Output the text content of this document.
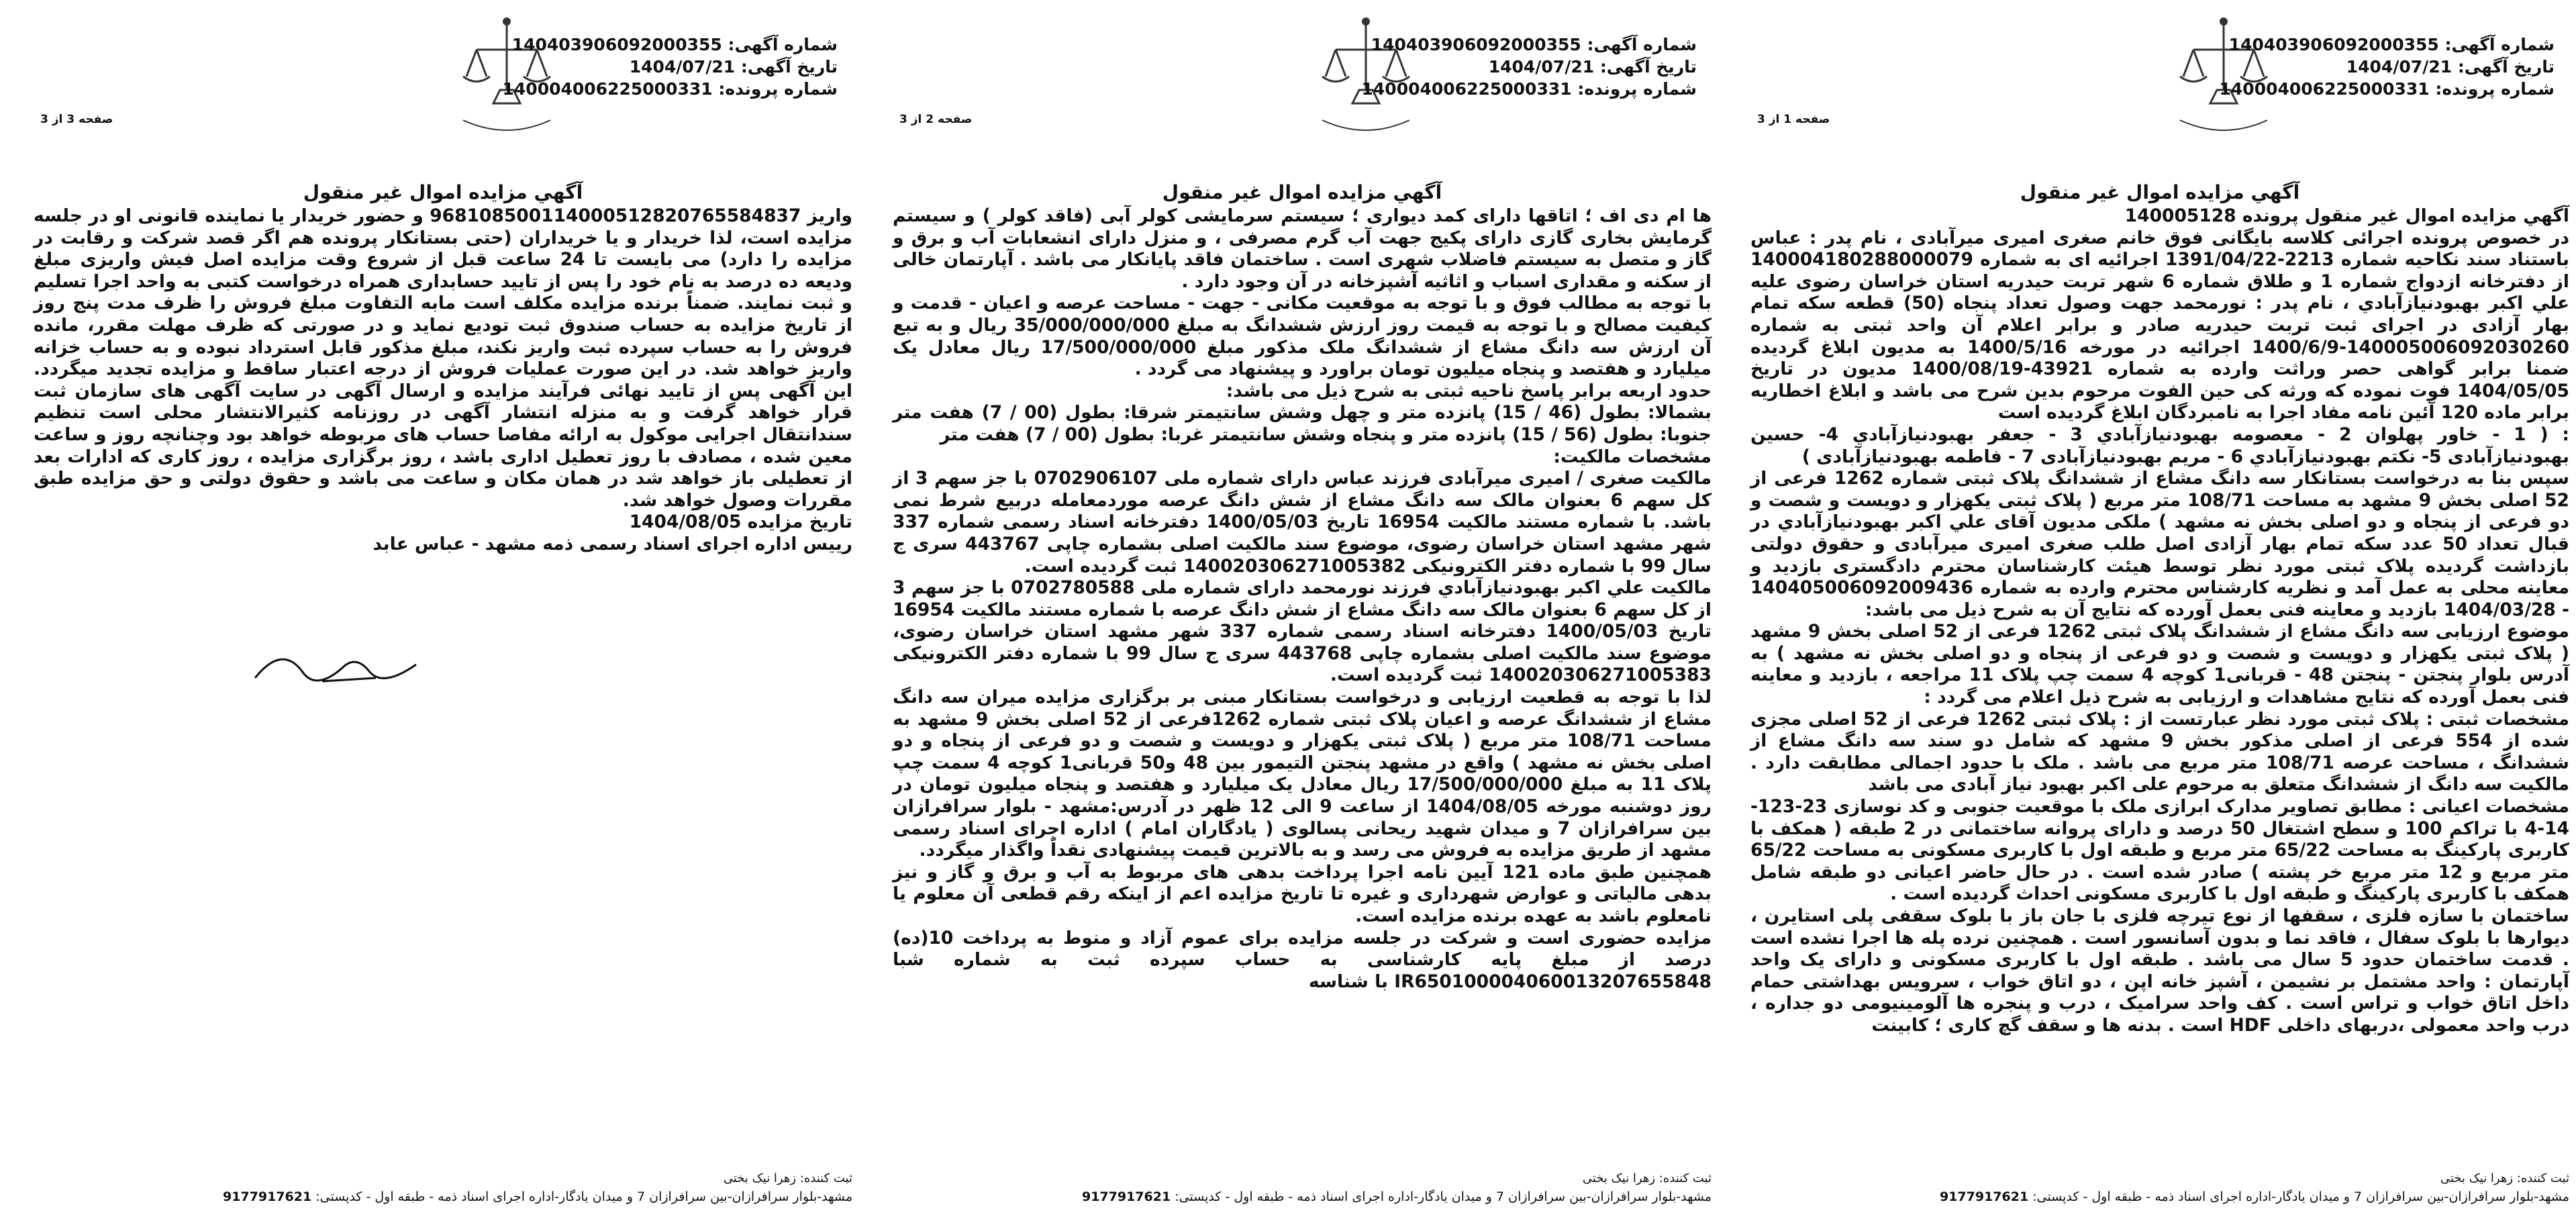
صفحه 3 از 3
شماره آگهی: 140403906092000355
تاریخ آگهی: 1404/07/21
شماره پرونده: 140004006225000331
آگهي مزايده اموال غير منقول

واریز 968108500114000512820765584837 و حضور خریدار یا نماینده قانونی او در جلسه مزایده است، لذا خریدار و یا خریداران (حتی بستانکار پرونده هم اگر قصد شرکت و رقابت در مزایده را دارد) می بایست تا 24 ساعت قبل از شروع وقت مزایده اصل فیش واریزی مبلغ ودیعه ده درصد به نام خود را پس از تایید حسابداری همراه درخواست کتبی به واحد اجرا تسلیم و ثبت نمایند. ضمناً برنده مزایده مکلف است مابه التفاوت مبلغ فروش را ظرف مدت پنج روز از تاریخ مزایده به حساب صندوق ثبت تودیع نماید و در صورتی که ظرف مهلت مقرر، مانده فروش را به حساب سپرده ثبت واریز نکند، مبلغ مذکور قابل استرداد نبوده و به حساب خزانه واریز خواهد شد. در این صورت عملیات فروش از درجه اعتبار ساقط و مزایده تجدید میگردد. این آگهی پس از تایید نهائی فرآیند مزایده و ارسال آگهی در سایت آگهی های سازمان ثبت قرار خواهد گرفت و به منزله انتشار آگهی در روزنامه کثیرالانتشار محلی است تنظیم سندانتقال اجرایی موکول به ارائه مفاصا حساب های مربوطه خواهد بود وچنانچه روز و ساعت معین شده ، مصادف با روز تعطیل اداری باشد ، روز برگزاری مزایده ، روز کاری که ادارات بعد از تعطیلی باز خواهد شد در همان مکان و ساعت می باشد و حقوق دولتی و حق مزایده طبق مقررات وصول خواهد شد.

تاریخ مزایده 1404/08/05

رییس اداره اجرای اسناد رسمی ذمه مشهد - عباس عابد

ثبت کننده: زهرا نیک بختی
مشهد-بلوار سرافرازان-بین سرافرازان 7 و میدان یادگار-اداره اجرای اسناد ذمه - طبقه اول - کدپستی: 9177917621
صفحه 2 از 3
شماره آگهی: 140403906092000355
تاریخ آگهی: 1404/07/21
شماره پرونده: 140004006225000331
آگهي مزايده اموال غير منقول

ها ام دی اف ؛ اتاقها دارای کمد دیواری ؛ سیستم سرمایشی کولر آبی (فاقد کولر ) و سیستم گرمایش بخاری گازی دارای پکیج جهت آب گرم مصرفی ، و منزل دارای انشعابات آب و برق و گاز و متصل به سیستم فاضلاب شهری است . ساختمان فاقد پایانکار می باشد . آپارتمان خالی از سکنه و مقداری اسباب و اثاثیه آشپزخانه در آن وجود دارد .

با توجه به مطالب فوق و با توجه به موقعیت مکانی - جهت - مساحت عرصه و اعیان - قدمت و کیفیت مصالح و با توجه به قیمت روز ارزش ششدانگ به مبلغ 35/000/000/000 ریال و به تبع آن ارزش سه دانگ مشاع از ششدانگ ملک مذکور مبلغ 17/500/000/000 ریال معادل یک میلیارد و هفتصد و پنجاه میلیون تومان براورد و پیشنهاد می گردد .

حدود اربعه برابر پاسخ ناحیه ثبتی به شرح ذیل می باشد:

بشمالا: بطول (46 / 15) پانزده متر و چهل وشش سانتیمتر شرقا: بطول (00 / 7) هفت متر جنوبا: بطول (56 / 15) پانزده متر و پنجاه وشش سانتیمتر غربا: بطول (00 / 7) هفت متر

مشخصات مالکیت:

مالکیت صغری / امیری میرآبادی فرزند عباس دارای شماره ملی 0702906107 با جز سهم 3 از کل سهم 6 بعنوان مالک سه دانگ مشاع از شش دانگ عرصه موردمعامله دربیع شرط نمی باشد. با شماره مستند مالکیت 16954 تاریخ 1400/05/03 دفترخانه اسناد رسمی شماره 337 شهر مشهد استان خراسان رضوی، موضوع سند مالکیت اصلی بشماره چاپی 443767 سری ج سال 99 با شماره دفتر الکترونیکی 140020306271005382 ثبت گردیده است.

مالکیت علي اكبر بهبودنيازآبادي فرزند نورمحمد دارای شماره ملی 0702780588 با جز سهم 3 از کل سهم 6 بعنوان مالک سه دانگ مشاع از شش دانگ عرصه با شماره مستند مالکیت 16954 تاریخ 1400/05/03 دفترخانه اسناد رسمی شماره 337 شهر مشهد استان خراسان رضوی، موضوع سند مالکیت اصلی بشماره چاپی 443768 سری ج سال 99 با شماره دفتر الکترونیکی 140020306271005383 ثبت گردیده است.

لذا با توجه به قطعیت ارزیابی و درخواست بستانکار مبنی بر برگزاری مزایده میران سه دانگ مشاع از ششدانگ عرصه و اعیان پلاک ثبتی شماره 1262فرعی از 52 اصلی بخش 9 مشهد به مساحت 108/71 متر مربع ( پلاک ثبتی یکهزار و دویست و شصت و دو فرعی از پنجاه و دو اصلی بخش نه مشهد ) واقع در مشهد پنجتن التیمور بین 48 و50 قربانی1 کوچه 4 سمت چپ پلاک 11 به مبلغ 17/500/000/000 ریال معادل یک میلیارد و هفتصد و پنجاه میلیون تومان در روز دوشنبه مورخه 1404/08/05 از ساعت 9 الی 12 ظهر در آدرس:مشهد - بلوار سرافرازان بین سرافرازان 7 و میدان شهید ریحانی پسالوی ( یادگاران امام ) اداره اجرای اسناد رسمی مشهد از طریق مزایده به فروش می رسد و به بالاترین قیمت پیشنهادی نقداً واگذار میگردد.

همچنین طبق ماده 121 آیین نامه اجرا پرداخت بدهی های مربوط به آب و برق و گاز و نیز بدهی مالیاتی و عوارض شهرداری و غیره تا تاریخ مزایده اعم از اینکه رقم قطعی آن معلوم یا نامعلوم باشد به عهده برنده مزایده است.

مزایده حضوری است و شرکت در جلسه مزایده برای عموم آزاد و منوط به پرداخت 10(ده) درصد از مبلغ پایه کارشناسی به حساب سپرده ثبت به شماره شبا IR650100004060013207655848 با شناسه

ثبت کننده: زهرا نیک بختی
مشهد-بلوار سرافرازان-بین سرافرازان 7 و میدان یادگار-اداره اجرای اسناد ذمه - طبقه اول - کدپستی: 9177917621
صفحه 1 از 3
شماره آگهی: 140403906092000355
تاریخ آگهی: 1404/07/21
شماره پرونده: 140004006225000331
آگهي مزايده اموال غير منقول

آگهي مزايده اموال غير منقول پرونده 140005128

در خصوص پرونده اجرائی کلاسه بایگانی فوق خانم صغری امیری میرآبادی ، نام پدر : عباس باستناد سند نکاحیه شماره 2213-1391/04/22 اجرائیه ای به شماره 140004180288000079 از دفترخانه ازدواج شماره 1 و طلاق شماره 6 شهر تربت حیدریه استان خراسان رضوی علیه علي اكبر بهبودنيازآبادي ، نام پدر : نورمحمد جهت وصول تعداد پنجاه (50) قطعه سکه تمام بهار آزادی در اجرای ثبت تربت حیدریه صادر و برابر اعلام آن واحد ثبتی به شماره 140005006092030260-1400/6/9 اجرائیه در مورخه 1400/5/16 به مدیون ابلاغ گردیده ضمنا برابر گواهی حصر وراثت وارده به شماره 43921-1400/08/19 مدیون در تاریخ 1404/05/05 فوت نموده که ورثه کی حین الفوت مرحوم بدین شرح می باشد و ابلاغ اخطاریه برابر ماده 120 آئین نامه مفاد اجرا به نامبردگان ابلاغ گردیده است

: ( 1 - خاور پهلوان 2 - معصومه بهبودنيازآبادي 3 - جعفر بهبودنيازآبادي 4- حسین بهبودنیازآبادی 5- نکتم بهبودنيازآبادي 6 - مریم بهبودنیازآبادی 7 - فاطمه بهبودنیازآبادی )

سپس بنا به درخواست بستانکار سه دانگ مشاع از ششدانگ پلاک ثبتی شماره 1262 فرعی از 52 اصلی بخش 9 مشهد به مساحت 108/71 متر مربع ( پلاک ثبتی یکهزار و دویست و شصت و دو فرعی از پنجاه و دو اصلی بخش نه مشهد ) ملکی مدیون آقای علي اكبر بهبودنيازآبادي در قبال تعداد 50 عدد سکه تمام بهار آزادی اصل طلب صغری امیری میرآبادی و حقوق دولتی بازداشت گردیده پلاک ثبتی مورد نظر توسط هیئت کارشناسان محترم دادگستری بازدید و معاینه محلی به عمل آمد و نظریه کارشناس محترم وارده به شماره 140405006092009436 - 1404/03/28 بازدید و معاینه فنی بعمل آورده که نتایج آن به شرح ذیل می باشد:

موضوع ارزیابی سه دانگ مشاع از ششدانگ پلاک ثبتی 1262 فرعی از 52 اصلی بخش 9 مشهد ( پلاک ثبتی یکهزار و دویست و شصت و دو فرعی از پنجاه و دو اصلی بخش نه مشهد ) به آدرس بلوار پنجتن - پنجتن 48 - قربانی1 کوچه 4 سمت چپ پلاک 11 مراجعه ، بازدید و معاینه فنی بعمل آورده که نتایج مشاهدات و ارزیابی به شرح ذیل اعلام می گردد :

مشخصات ثبتی : پلاک ثبتی مورد نظر عبارتست از : پلاک ثبتی 1262 فرعی از 52 اصلی مجزی شده از 554 فرعی از اصلی مذکور بخش 9 مشهد که شامل دو سند سه دانگ مشاع از ششدانگ ، مساحت عرصه 108/71 متر مربع می باشد . ملک با حدود اجمالی مطابقت دارد . مالکیت سه دانگ از ششدانگ متعلق به مرحوم علی اکبر بهبود نیاز آبادی می باشد

مشخصات اعیانی : مطابق تصاویر مدارک ابرازی ملک با موقعیت جنوبی و کد نوسازی 23-123-14-4 با تراکم 100 و سطح اشتغال 50 درصد و دارای پروانه ساختمانی در 2 طبقه ( همکف با کاربری پارکینگ به مساحت 65/22 متر مربع و طبقه اول با کاربری مسکونی به مساحت 65/22 متر مربع و 12 متر مربع خر پشته ) صادر شده است . در حال حاضر اعیانی دو طبقه شامل همکف با کاربری پارکینگ و طبقه اول با کاربری مسکونی احداث گردیده است .

ساختمان با سازه فلزی ، سقفها از نوع تیرچه فلزی با جان باز با بلوک سقفی پلی استایرن ، دیوارها با بلوک سفال ، فاقد نما و بدون آسانسور است . همچنین نرده پله ها اجرا نشده است . قدمت ساختمان حدود 5 سال می باشد . طبقه اول با کاربری مسکونی و دارای یک واحد آپارتمان : واحد مشتمل بر نشیمن ، آشپز خانه اپن ، دو اتاق خواب ، سرویس بهداشتی حمام داخل اتاق خواب و تراس است . کف واحد سرامیک ، درب و پنجره ها آلومینیومی دو جداره ، درب واحد معمولی ،دربهای داخلی HDF است . بدنه ها و سقف گچ کاری ؛ کابینت

ثبت کننده: زهرا نیک بختی
مشهد-بلوار سرافرازان-بین سرافرازان 7 و میدان یادگار-اداره اجرای اسناد ذمه - طبقه اول - کدپستی: 9177917621
